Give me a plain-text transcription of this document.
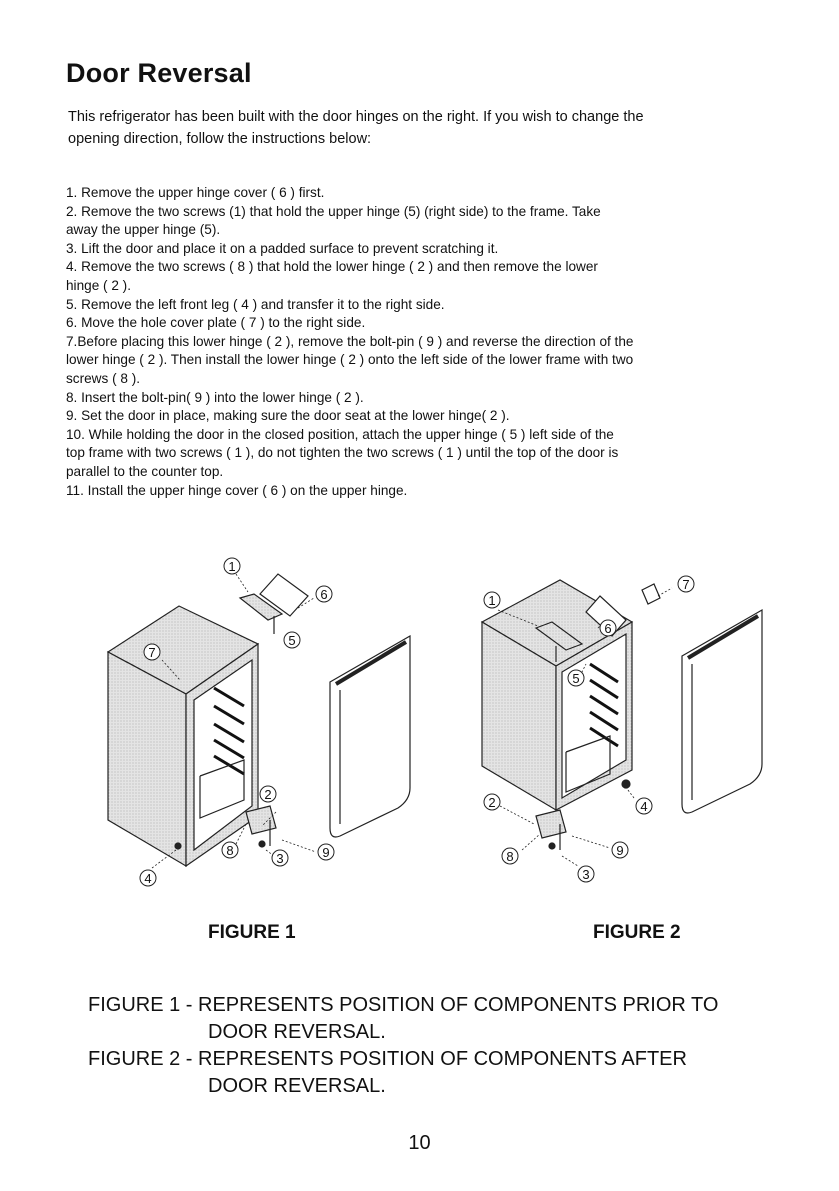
Door Reversal
This refrigerator has been built with the door hinges on the right. If you wish to change the
opening direction, follow the instructions below:
1. Remove the upper hinge cover ( 6 ) first.
2. Remove the two screws (1) that hold the upper hinge (5) (right side) to the frame. Take
away the upper hinge (5).
3. Lift the door and place it on a padded surface to prevent scratching it.
4. Remove the two screws ( 8 ) that hold the lower hinge ( 2 ) and then remove the lower
hinge ( 2 ).
5. Remove the left front leg ( 4 ) and transfer it to the right side.
6. Move the hole cover plate ( 7 ) to the right side.
7.Before placing this lower hinge ( 2 ), remove the bolt-pin ( 9 ) and reverse the direction of the
lower hinge ( 2 ). Then install the lower hinge ( 2 ) onto the left side of the lower frame with two
screws ( 8 ).
8. Insert the bolt-pin( 9 ) into the lower hinge ( 2 ).
9. Set the door in place, making sure the door seat at the lower hinge( 2 ).
10. While holding the door in the closed position, attach the upper hinge ( 5 ) left side of the
top frame with two screws ( 1 ), do not tighten the two screws ( 1 ) until the top of the door is
parallel to the counter top.
11. Install the upper hinge cover ( 6 ) on the upper hinge.
1
6
5
7
2
8
3	9
4
7
1
6
5
2	4
8	9
3
FIGURE 1	FIGURE 2
FIGURE 1 - REPRESENTS POSITION OF COMPONENTS PRIOR TO
DOOR REVERSAL.
FIGURE 2 - REPRESENTS POSITION OF COMPONENTS AFTER
DOOR REVERSAL.
10
